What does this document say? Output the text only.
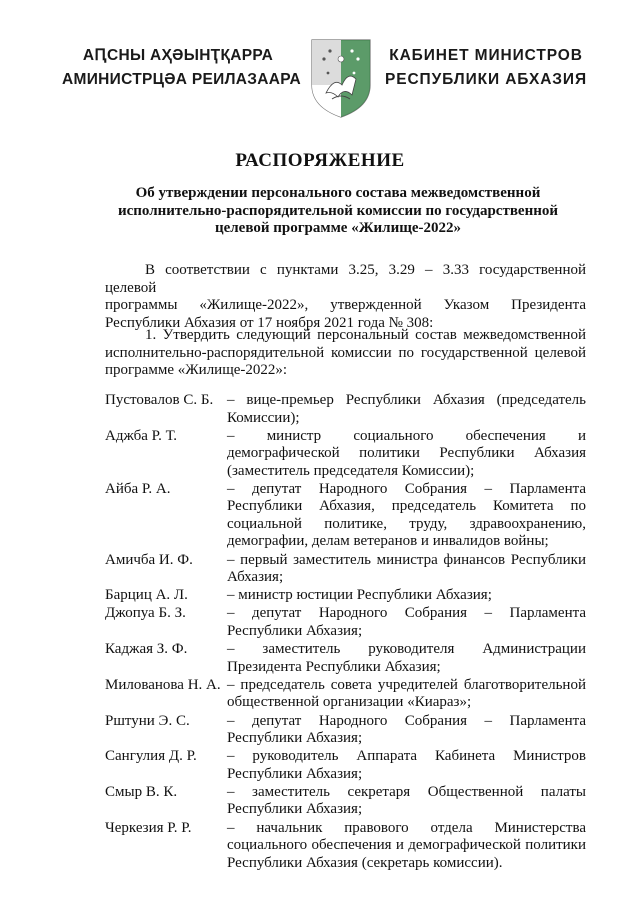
АԤСНЫ АҲӘЫНҬҚАРРА
АМИНИСТРЦӘА РЕИЛАЗААРА
КАБИНЕТ МИНИСТРОВ
РЕСПУБЛИКИ АБХАЗИЯ
РАСПОРЯЖЕНИЕ
Об утверждении персонального состава межведомственной
исполнительно-распорядительной комиссии по государственной
целевой программе «Жилище-2022»
В соответствии с пунктами 3.25, 3.29 – 3.33 государственной целевой
программы «Жилище-2022», утвержденной Указом Президента
Республики Абхазия от 17 ноября 2021 года № 308:
1. Утвердить следующий персональный состав межведомственной
исполнительно-распорядительной комиссии по государственной целевой
программе «Жилище-2022»:
Пустовалов С. Б. – вице-премьер Республики Абхазия (председатель
Комиссии);
Аджба Р. Т.	– министр социального обеспечения и
демографической политики Республики Абхазия
(заместитель председателя Комиссии);
Айба Р. А.	– депутат Народного Собрания – Парламента
Республики Абхазия, председатель Комитета по
социальной политике, труду, здравоохранению,
демографии, делам ветеранов и инвалидов войны;
Амичба И. Ф.	– первый заместитель министра финансов Республики
Абхазия;
Барциц А. Л.	– министр юстиции Республики Абхазия;
Джопуа Б. З.	– депутат Народного Собрания – Парламента
Республики Абхазия;
Каджая З. Ф.	– заместитель руководителя Администрации
Президента Республики Абхазия;
Милованова Н. А. – председатель совета учредителей благотворительной
общественной организации «Киараз»;
Рштуни Э. С.	– депутат Народного Собрания – Парламента
Республики Абхазия;
Сангулия Д. Р.	– руководитель Аппарата Кабинета Министров
Республики Абхазия;
Смыр В. К.	– заместитель секретаря Общественной палаты
Республики Абхазия;
Черкезия Р. Р.	– начальник правового отдела Министерства
социального обеспечения и демографической политики
Республики Абхазия (секретарь комиссии).
